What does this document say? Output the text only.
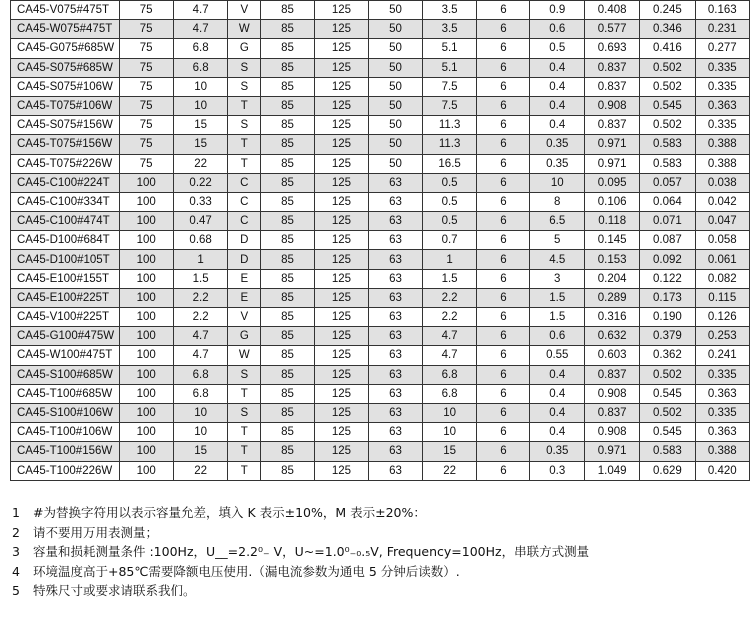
CA45-V075#475T	75	4.7	V	85	125	50	3.5	6	0.9	0.408	0.245	0.163
CA45-W075#475T	75	4.7	W	85	125	50	3.5	6	0.6	0.577	0.346	0.231
CA45-G075#685W	75	6.8	G	85	125	50	5.1	6	0.5	0.693	0.416	0.277
CA45-S075#685W	75	6.8	S	85	125	50	5.1	6	0.4	0.837	0.502	0.335
CA45-S075#106W	75	10	S	85	125	50	7.5	6	0.4	0.837	0.502	0.335
CA45-T075#106W	75	10	T	85	125	50	7.5	6	0.4	0.908	0.545	0.363
CA45-S075#156W	75	15	S	85	125	50	11.3	6	0.4	0.837	0.502	0.335
CA45-T075#156W	75	15	T	85	125	50	11.3	6	0.35	0.971	0.583	0.388
CA45-T075#226W	75	22	T	85	125	50	16.5	6	0.35	0.971	0.583	0.388
CA45-C100#224T	100	0.22	C	85	125	63	0.5	6	10	0.095	0.057	0.038
CA45-C100#334T	100	0.33	C	85	125	63	0.5	6	8	0.106	0.064	0.042
CA45-C100#474T	100	0.47	C	85	125	63	0.5	6	6.5	0.118	0.071	0.047
CA45-D100#684T	100	0.68	D	85	125	63	0.7	6	5	0.145	0.087	0.058
CA45-D100#105T	100	1	D	85	125	63	1	6	4.5	0.153	0.092	0.061
CA45-E100#155T	100	1.5	E	85	125	63	1.5	6	3	0.204	0.122	0.082
CA45-E100#225T	100	2.2	E	85	125	63	2.2	6	1.5	0.289	0.173	0.115
CA45-V100#225T	100	2.2	V	85	125	63	2.2	6	1.5	0.316	0.190	0.126
CA45-G100#475W	100	4.7	G	85	125	63	4.7	6	0.6	0.632	0.379	0.253
CA45-W100#475T	100	4.7	W	85	125	63	4.7	6	0.55	0.603	0.362	0.241
CA45-S100#685W	100	6.8	S	85	125	63	6.8	6	0.4	0.837	0.502	0.335
CA45-T100#685W	100	6.8	T	85	125	63	6.8	6	0.4	0.908	0.545	0.363
CA45-S100#106W	100	10	S	85	125	63	10	6	0.4	0.837	0.502	0.335
CA45-T100#106W	100	10	T	85	125	63	10	6	0.4	0.908	0.545	0.363
CA45-T100#156W	100	15	T	85	125	63	15	6	0.35	0.971	0.583	0.388
CA45-T100#226W	100	22	T	85	125	63	22	6	0.3	1.049	0.629	0.420
1	#为替换字符用以表示容量允差，填入 K 表示±10%，M 表示±20%：
2	请不要用万用表测量；
3	容量和损耗测量条件 :100Hz，U__=2.2⁰₋ V，U~=1.0⁰₋₀.₅V, Frequency=100Hz，串联方式测量
4	环境温度高于+85℃需要降额电压使用.（漏电流参数为通电 5 分钟后读数）.
5	特殊尺寸或要求请联系我们。
